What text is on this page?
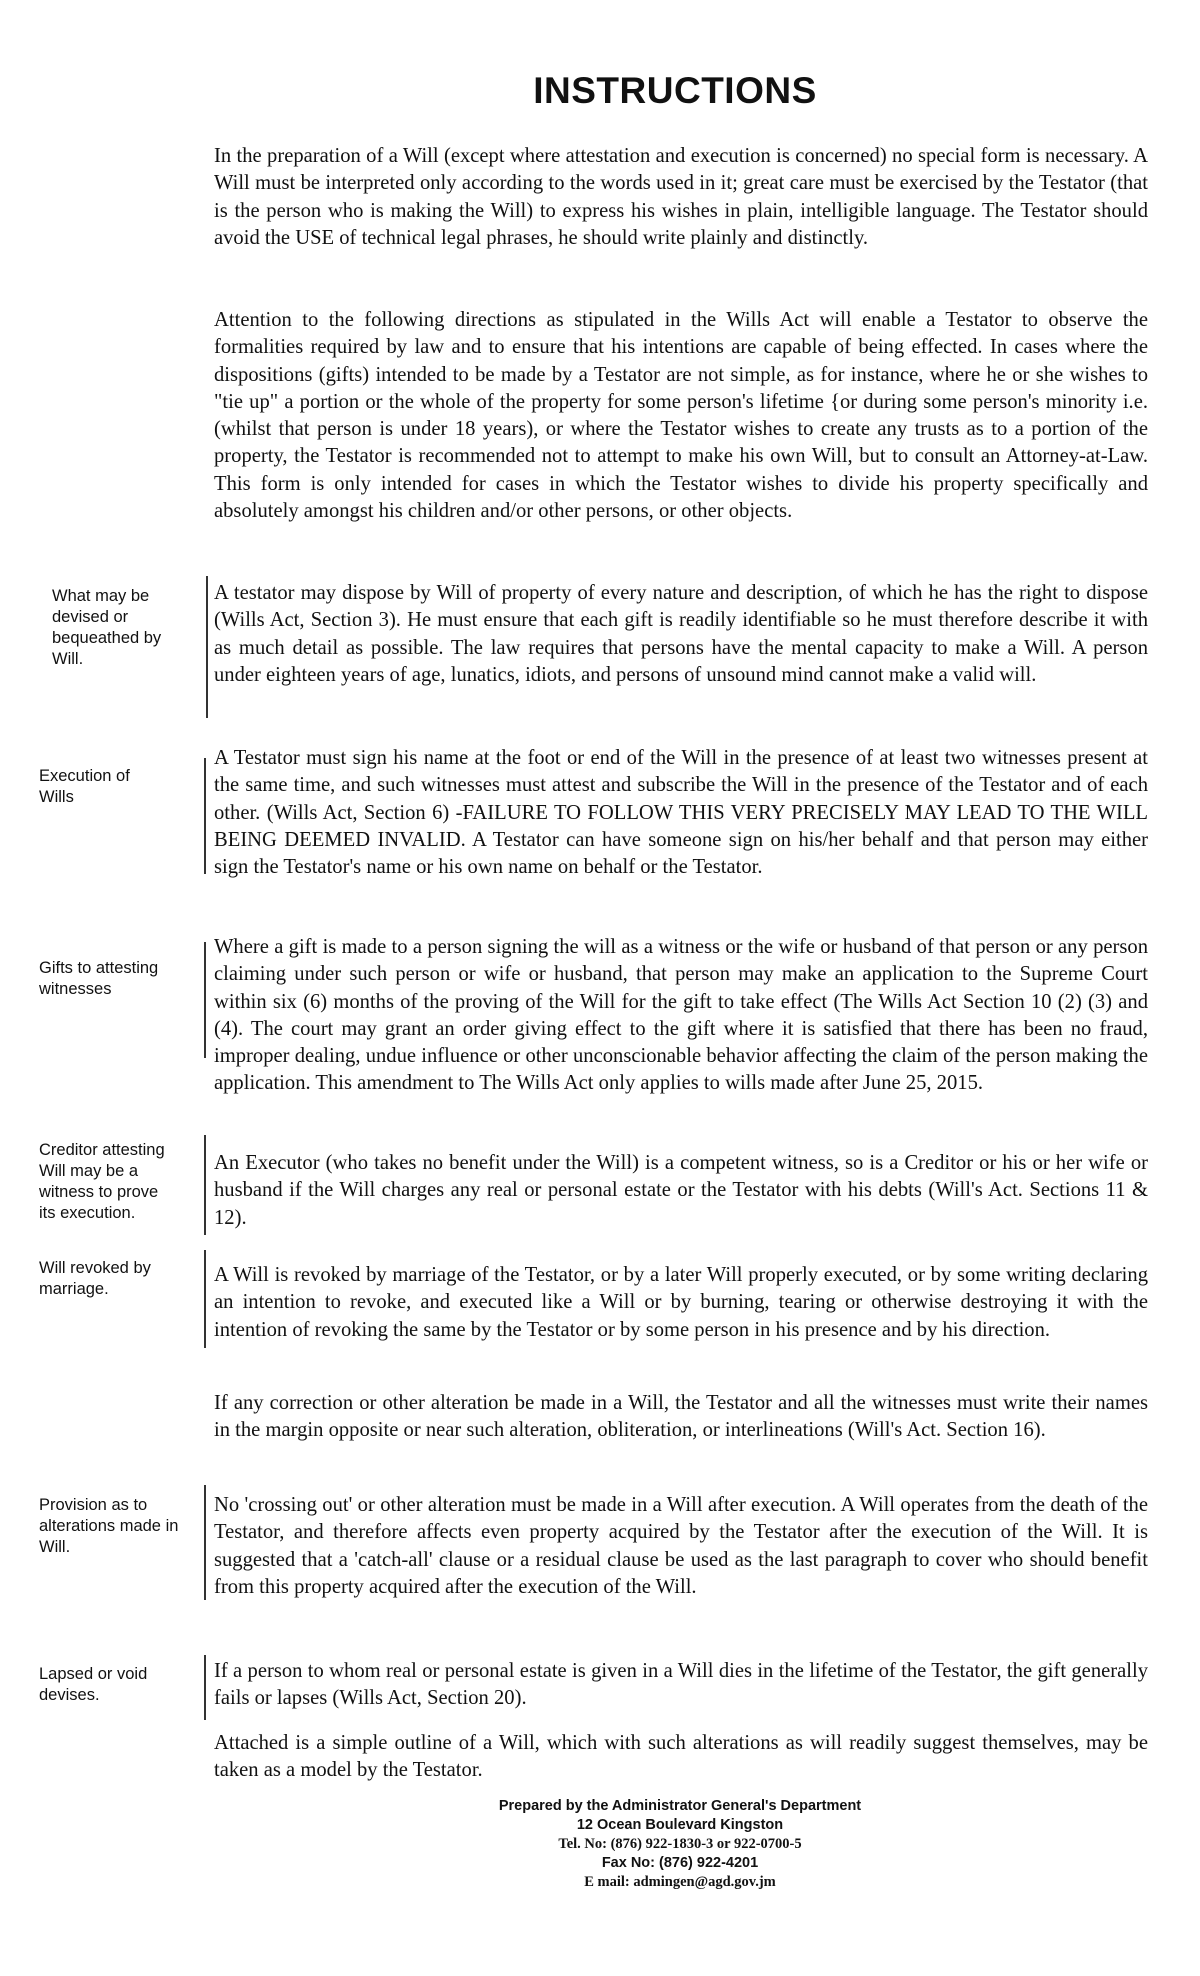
INSTRUCTIONS

In the preparation of a Will (except where attestation and execution is concerned) no special form is necessary. A Will must be interpreted only according to the words used in it; great care must be exercised by the Testator (that is the person who is making the Will) to express his wishes in plain, intelligible language. The Testator should avoid the USE of technical legal phrases, he should write plainly and distinctly.

Attention to the following directions as stipulated in the Wills Act will enable a Testator to observe the formalities required by law and to ensure that his intentions are capable of being effected. In cases where the dispositions (gifts) intended to be made by a Testator are not simple, as for instance, where he or she wishes to "tie up" a portion or the whole of the property for some person's lifetime {or during some person's minority i.e. (whilst that person is under 18 years), or where the Testator wishes to create any trusts as to a portion of the property, the Testator is recommended not to attempt to make his own Will, but to consult an Attorney-at-Law. This form is only intended for cases in which the Testator wishes to divide his property specifically and absolutely amongst his children and/or other persons, or other objects.

A testator may dispose by Will of property of every nature and description, of which he has the right to dispose (Wills Act, Section 3). He must ensure that each gift is readily identifiable so he must therefore describe it with as much detail as possible. The law requires that persons have the mental capacity to make a Will. A person under eighteen years of age, lunatics, idiots, and persons of unsound mind cannot make a valid will.

A Testator must sign his name at the foot or end of the Will in the presence of at least two witnesses present at the same time, and such witnesses must attest and subscribe the Will in the presence of the Testator and of each other. (Wills Act, Section 6) -FAILURE TO FOLLOW THIS VERY PRECISELY MAY LEAD TO THE WILL BEING DEEMED INVALID. A Testator can have someone sign on his/her behalf and that person may either sign the Testator's name or his own name on behalf or the Testator.

Where a gift is made to a person signing the will as a witness or the wife or husband of that person or any person claiming under such person or wife or husband, that person may make an application to the Supreme Court within six (6) months of the proving of the Will for the gift to take effect (The Wills Act Section 10 (2) (3) and (4). The court may grant an order giving effect to the gift where it is satisfied that there has been no fraud, improper dealing, undue influence or other unconscionable behavior affecting the claim of the person making the application. This amendment to The Wills Act only applies to wills made after June 25, 2015.

An Executor (who takes no benefit under the Will) is a competent witness, so is a Creditor or his or her wife or husband if the Will charges any real or personal estate or the Testator with his debts (Will's Act. Sections 11 & 12).

A Will is revoked by marriage of the Testator, or by a later Will properly executed, or by some writing declaring an intention to revoke, and executed like a Will or by burning, tearing or otherwise destroying it with the intention of revoking the same by the Testator or by some person in his presence and by his direction.

If any correction or other alteration be made in a Will, the Testator and all the witnesses must write their names in the margin opposite or near such alteration, obliteration, or interlineations (Will's Act. Section 16).

No 'crossing out' or other alteration must be made in a Will after execution. A Will operates from the death of the Testator, and therefore affects even property acquired by the Testator after the execution of the Will. It is suggested that a 'catch-all' clause or a residual clause be used as the last paragraph to cover who should benefit from this property acquired after the execution of the Will.

If a person to whom real or personal estate is given in a Will dies in the lifetime of the Testator, the gift generally fails or lapses (Wills Act, Section 20).

Attached is a simple outline of a Will, which with such alterations as will readily suggest themselves, may be taken as a model by the Testator.

What may be devised or bequeathed by Will.

Execution of Wills

Gifts to attesting witnesses

Creditor attesting Will may be a witness to prove its execution.

Will revoked by marriage.

Provision as to alterations made in Will.

Lapsed or void devises.

Prepared by the Administrator General's Department
12 Ocean Boulevard Kingston
Tel. No: (876) 922-1830-3 or 922-0700-5
Fax No: (876) 922-4201
E mail: admingen@agd.gov.jm
